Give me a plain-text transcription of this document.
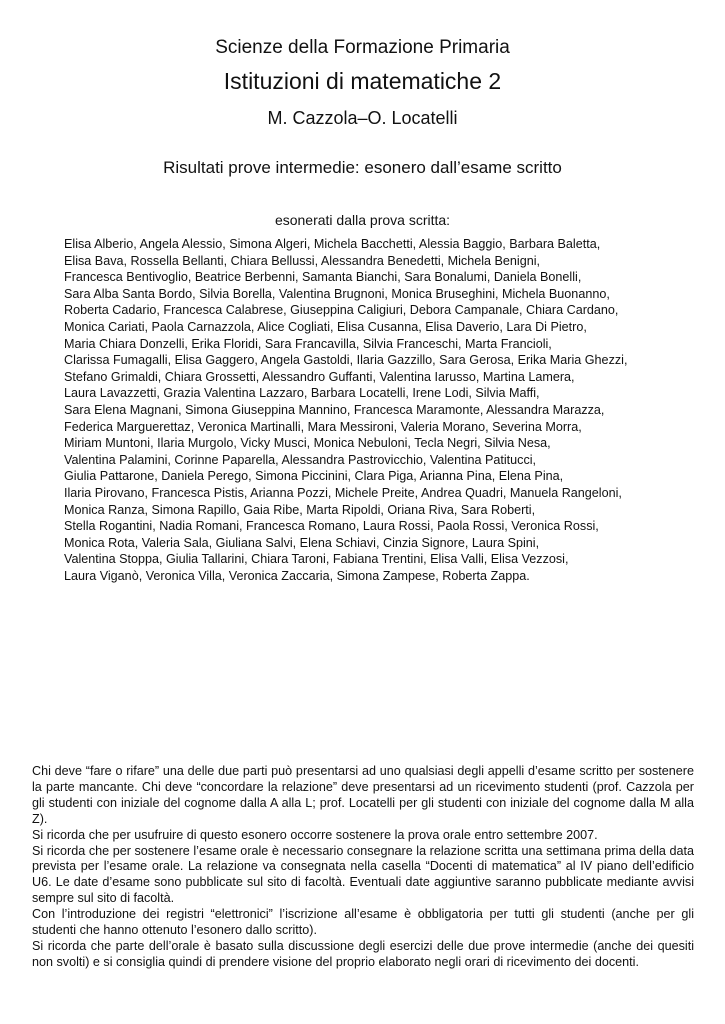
Scienze della Formazione Primaria
Istituzioni di matematiche 2
M. Cazzola–O. Locatelli
Risultati prove intermedie: esonero dall’esame scritto
esonerati dalla prova scritta:
Elisa Alberio, Angela Alessio, Simona Algeri, Michela Bacchetti, Alessia Baggio, Barbara Baletta,
Elisa Bava, Rossella Bellanti, Chiara Bellussi, Alessandra Benedetti, Michela Benigni,
Francesca Bentivoglio, Beatrice Berbenni, Samanta Bianchi, Sara Bonalumi, Daniela Bonelli,
Sara Alba Santa Bordo, Silvia Borella, Valentina Brugnoni, Monica Bruseghini, Michela Buonanno,
Roberta Cadario, Francesca Calabrese, Giuseppina Caligiuri, Debora Campanale, Chiara Cardano,
Monica Cariati, Paola Carnazzola, Alice Cogliati, Elisa Cusanna, Elisa Daverio, Lara Di Pietro,
Maria Chiara Donzelli, Erika Floridi, Sara Francavilla, Silvia Franceschi, Marta Francioli,
Clarissa Fumagalli, Elisa Gaggero, Angela Gastoldi, Ilaria Gazzillo, Sara Gerosa, Erika Maria Ghezzi,
Stefano Grimaldi, Chiara Grossetti, Alessandro Guffanti, Valentina Iarusso, Martina Lamera,
Laura Lavazzetti, Grazia Valentina Lazzaro, Barbara Locatelli, Irene Lodi, Silvia Maffi,
Sara Elena Magnani, Simona Giuseppina Mannino, Francesca Maramonte, Alessandra Marazza,
Federica Marguerettaz, Veronica Martinalli, Mara Messironi, Valeria Morano, Severina Morra,
Miriam Muntoni, Ilaria Murgolo, Vicky Musci, Monica Nebuloni, Tecla Negri, Silvia Nesa,
Valentina Palamini, Corinne Paparella, Alessandra Pastrovicchio, Valentina Patitucci,
Giulia Pattarone, Daniela Perego, Simona Piccinini, Clara Piga, Arianna Pina, Elena Pina,
Ilaria Pirovano, Francesca Pistis, Arianna Pozzi, Michele Preite, Andrea Quadri, Manuela Rangeloni,
Monica Ranza, Simona Rapillo, Gaia Ribe, Marta Ripoldi, Oriana Riva, Sara Roberti,
Stella Rogantini, Nadia Romani, Francesca Romano, Laura Rossi, Paola Rossi, Veronica Rossi,
Monica Rota, Valeria Sala, Giuliana Salvi, Elena Schiavi, Cinzia Signore, Laura Spini,
Valentina Stoppa, Giulia Tallarini, Chiara Taroni, Fabiana Trentini, Elisa Valli, Elisa Vezzosi,
Laura Viganò, Veronica Villa, Veronica Zaccaria, Simona Zampese, Roberta Zappa.

Chi deve “fare o rifare” una delle due parti può presentarsi ad uno qualsiasi degli appelli d’esame scritto per sostenere la parte mancante. Chi deve “concordare la relazione” deve presentarsi ad un ricevimento studenti (prof. Cazzola per gli studenti con iniziale del cognome dalla A alla L; prof. Locatelli per gli studenti con iniziale del cognome dalla M alla Z).

Si ricorda che per usufruire di questo esonero occorre sostenere la prova orale entro settembre 2007.

Si ricorda che per sostenere l’esame orale è necessario consegnare la relazione scritta una settimana prima della data prevista per l’esame orale. La relazione va consegnata nella casella “Docenti di matematica” al IV piano dell’edificio U6. Le date d’esame sono pubblicate sul sito di facoltà. Eventuali date aggiuntive saranno pubblicate mediante avvisi sempre sul sito di facoltà.

Con l’introduzione dei registri “elettronici” l’iscrizione all’esame è obbligatoria per tutti gli studenti (anche per gli studenti che hanno ottenuto l’esonero dallo scritto).

Si ricorda che parte dell’orale è basato sulla discussione degli esercizi delle due prove intermedie (anche dei quesiti non svolti) e si consiglia quindi di prendere visione del proprio elaborato negli orari di ricevimento dei docenti.
